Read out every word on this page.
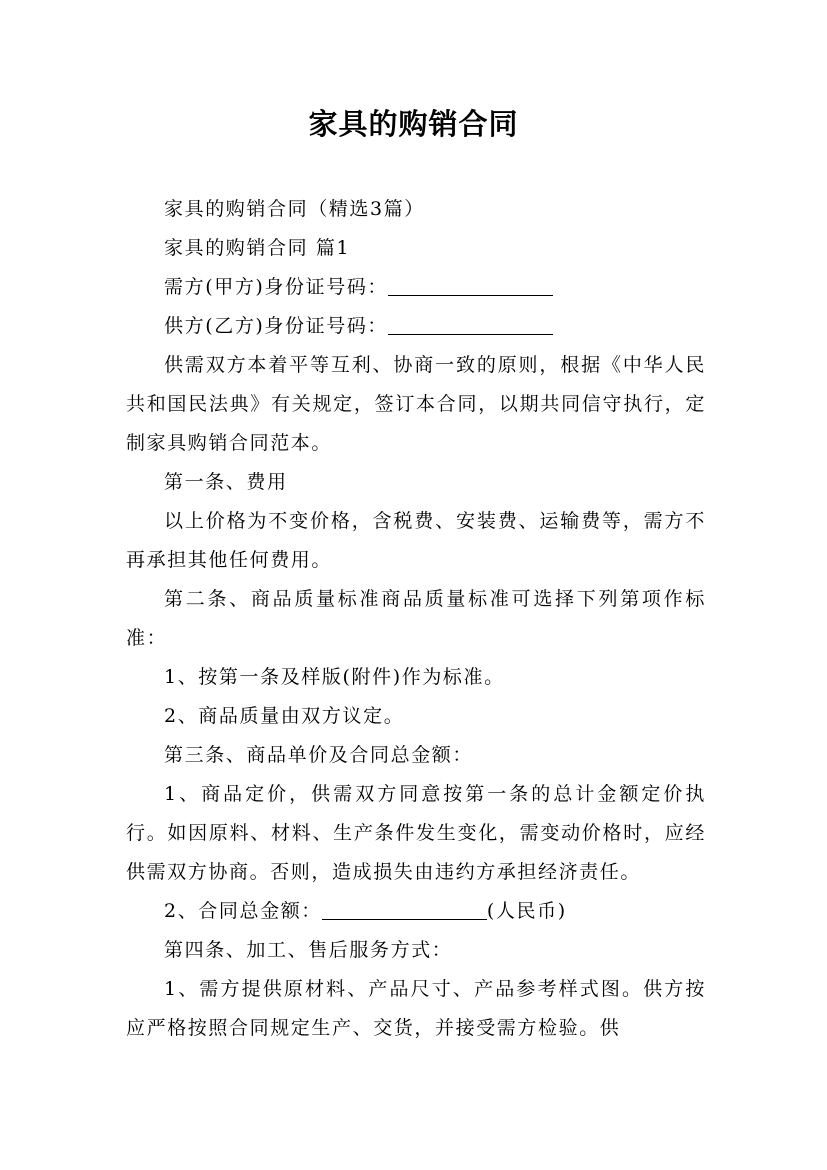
家具的购销合同

家具的购销合同（精选3篇）

家具的购销合同 篇1

需方(甲方)身份证号码：

供方(乙方)身份证号码：

供需双方本着平等互利、协商一致的原则，根据《中华人民共和国民法典》有关规定，签订本合同，以期共同信守执行，定制家具购销合同范本。

第一条、费用

以上价格为不变价格，含税费、安装费、运输费等，需方不再承担其他任何费用。

第二条、商品质量标准商品质量标准可选择下列第项作标准：

1、按第一条及样版(附件)作为标准。

2、商品质量由双方议定。

第三条、商品单价及合同总金额：

1、商品定价，供需双方同意按第一条的总计金额定价执行。如因原料、材料、生产条件发生变化，需变动价格时，应经供需双方协商。否则，造成损失由违约方承担经济责任。

2、合同总金额：	(人民币)

第四条、加工、售后服务方式：

1、需方提供原材料、产品尺寸、产品参考样式图。供方按应严格按照合同规定生产、交货，并接受需方检验。供
